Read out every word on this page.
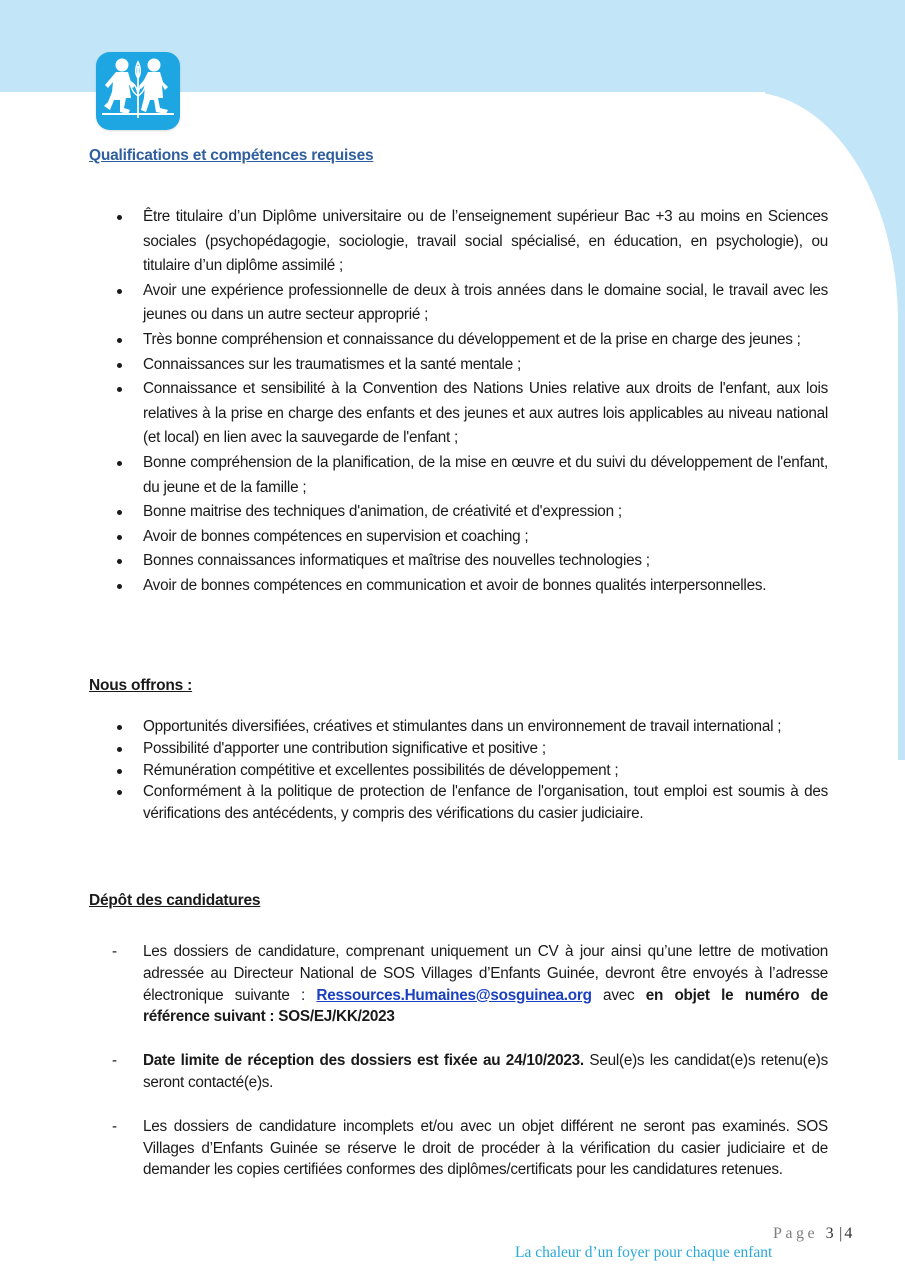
Qualifications et compétences requises
Être titulaire d’un Diplôme universitaire ou de l’enseignement supérieur Bac +3 au moins en Sciences sociales (psychopédagogie, sociologie, travail social spécialisé, en éducation, en psychologie), ou titulaire d’un diplôme assimilé ;
Avoir une expérience professionnelle de deux à trois années dans le domaine social, le travail avec les jeunes ou dans un autre secteur approprié ;
Très bonne compréhension et connaissance du développement et de la prise en charge des jeunes ;
Connaissances sur les traumatismes et la santé mentale ;
Connaissance et sensibilité à la Convention des Nations Unies relative aux droits de l'enfant, aux lois relatives à la prise en charge des enfants et des jeunes et aux autres lois applicables au niveau national (et local) en lien avec la sauvegarde de l'enfant ;
Bonne compréhension de la planification, de la mise en œuvre et du suivi du développement de l'enfant, du jeune et de la famille ;
Bonne maitrise des techniques d'animation, de créativité et d'expression ;
Avoir de bonnes compétences en supervision et coaching ;
Bonnes connaissances informatiques et maîtrise des nouvelles technologies ;
Avoir de bonnes compétences en communication et avoir de bonnes qualités interpersonnelles.
Nous offrons :
Opportunités diversifiées, créatives et stimulantes dans un environnement de travail international ;
Possibilité d'apporter une contribution significative et positive ;
Rémunération compétitive et excellentes possibilités de développement ;
Conformément à la politique de protection de l'enfance de l'organisation, tout emploi est soumis à des vérifications des antécédents, y compris des vérifications du casier judiciaire.
Dépôt des candidatures
- Les dossiers de candidature, comprenant uniquement un CV à jour ainsi qu’une lettre de motivation adressée au Directeur National de SOS Villages d’Enfants Guinée, devront être envoyés à l’adresse électronique suivante : Ressources.Humaines@sosguinea.org avec en objet le numéro de référence suivant : SOS/EJ/KK/2023
- Date limite de réception des dossiers est fixée au 24/10/2023. Seul(e)s les candidat(e)s retenu(e)s seront contacté(e)s.
- Les dossiers de candidature incomplets et/ou avec un objet différent ne seront pas examinés. SOS Villages d’Enfants Guinée se réserve le droit de procéder à la vérification du casier judiciaire et de demander les copies certifiées conformes des diplômes/certificats pour les candidatures retenues.
Page 3 | 4
La chaleur d’un foyer pour chaque enfant
